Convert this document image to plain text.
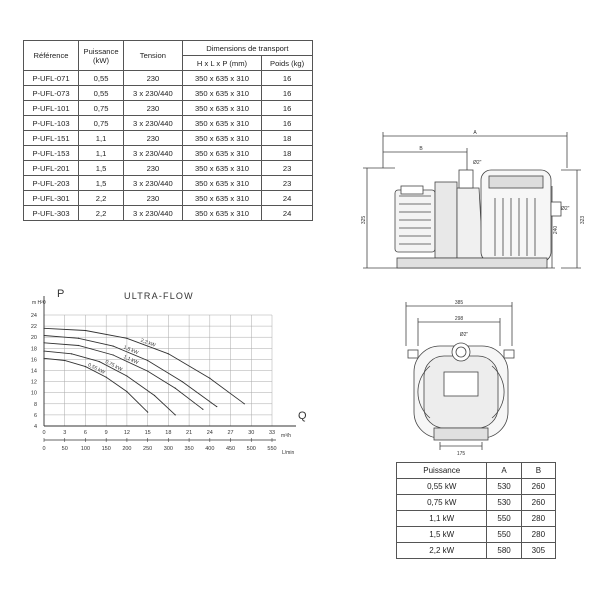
Référence	Puissance (kW)	Tension	Dimensions de transport	
			H x L x P (mm)	Poids (kg)
P-UFL-071	0,55	230	350 x 635 x 310	16
P-UFL-073	0,55	3 x 230/440	350 x 635 x 310	16
P-UFL-101	0,75	230	350 x 635 x 310	16
P-UFL-103	0,75	3 x 230/440	350 x 635 x 310	16
P-UFL-151	1,1	230	350 x 635 x 310	18
P-UFL-153	1,1	3 x 230/440	350 x 635 x 310	18
P-UFL-201	1,5	230	350 x 635 x 310	23
P-UFL-203	1,5	3 x 230/440	350 x 635 x 310	23
P-UFL-301	2,2	230	350 x 635 x 310	24
P-UFL-303	2,2	3 x 230/440	350 x 635 x 310	24
A
B
325	323
240
Ø2"
Ø2"
385
298
Ø2"
175
0	3	6	9	12	15	18	21	24	27	30	33
0	50 100 150 200 250 300 350 400 450 500 550
4
6
8
10
12
14
16
18
20
22
24
0,55 kW
0,75 kW 1,1 kW
1,5 kW
2,2 kW
ULTRA-FLOW
P
m H²0
Q
m³/h
L/min
Puissance	A	B
0,55 kW	530	260
0,75 kW	530	260
1,1 kW	550	280
1,5 kW	550	280
2,2 kW	580	305
